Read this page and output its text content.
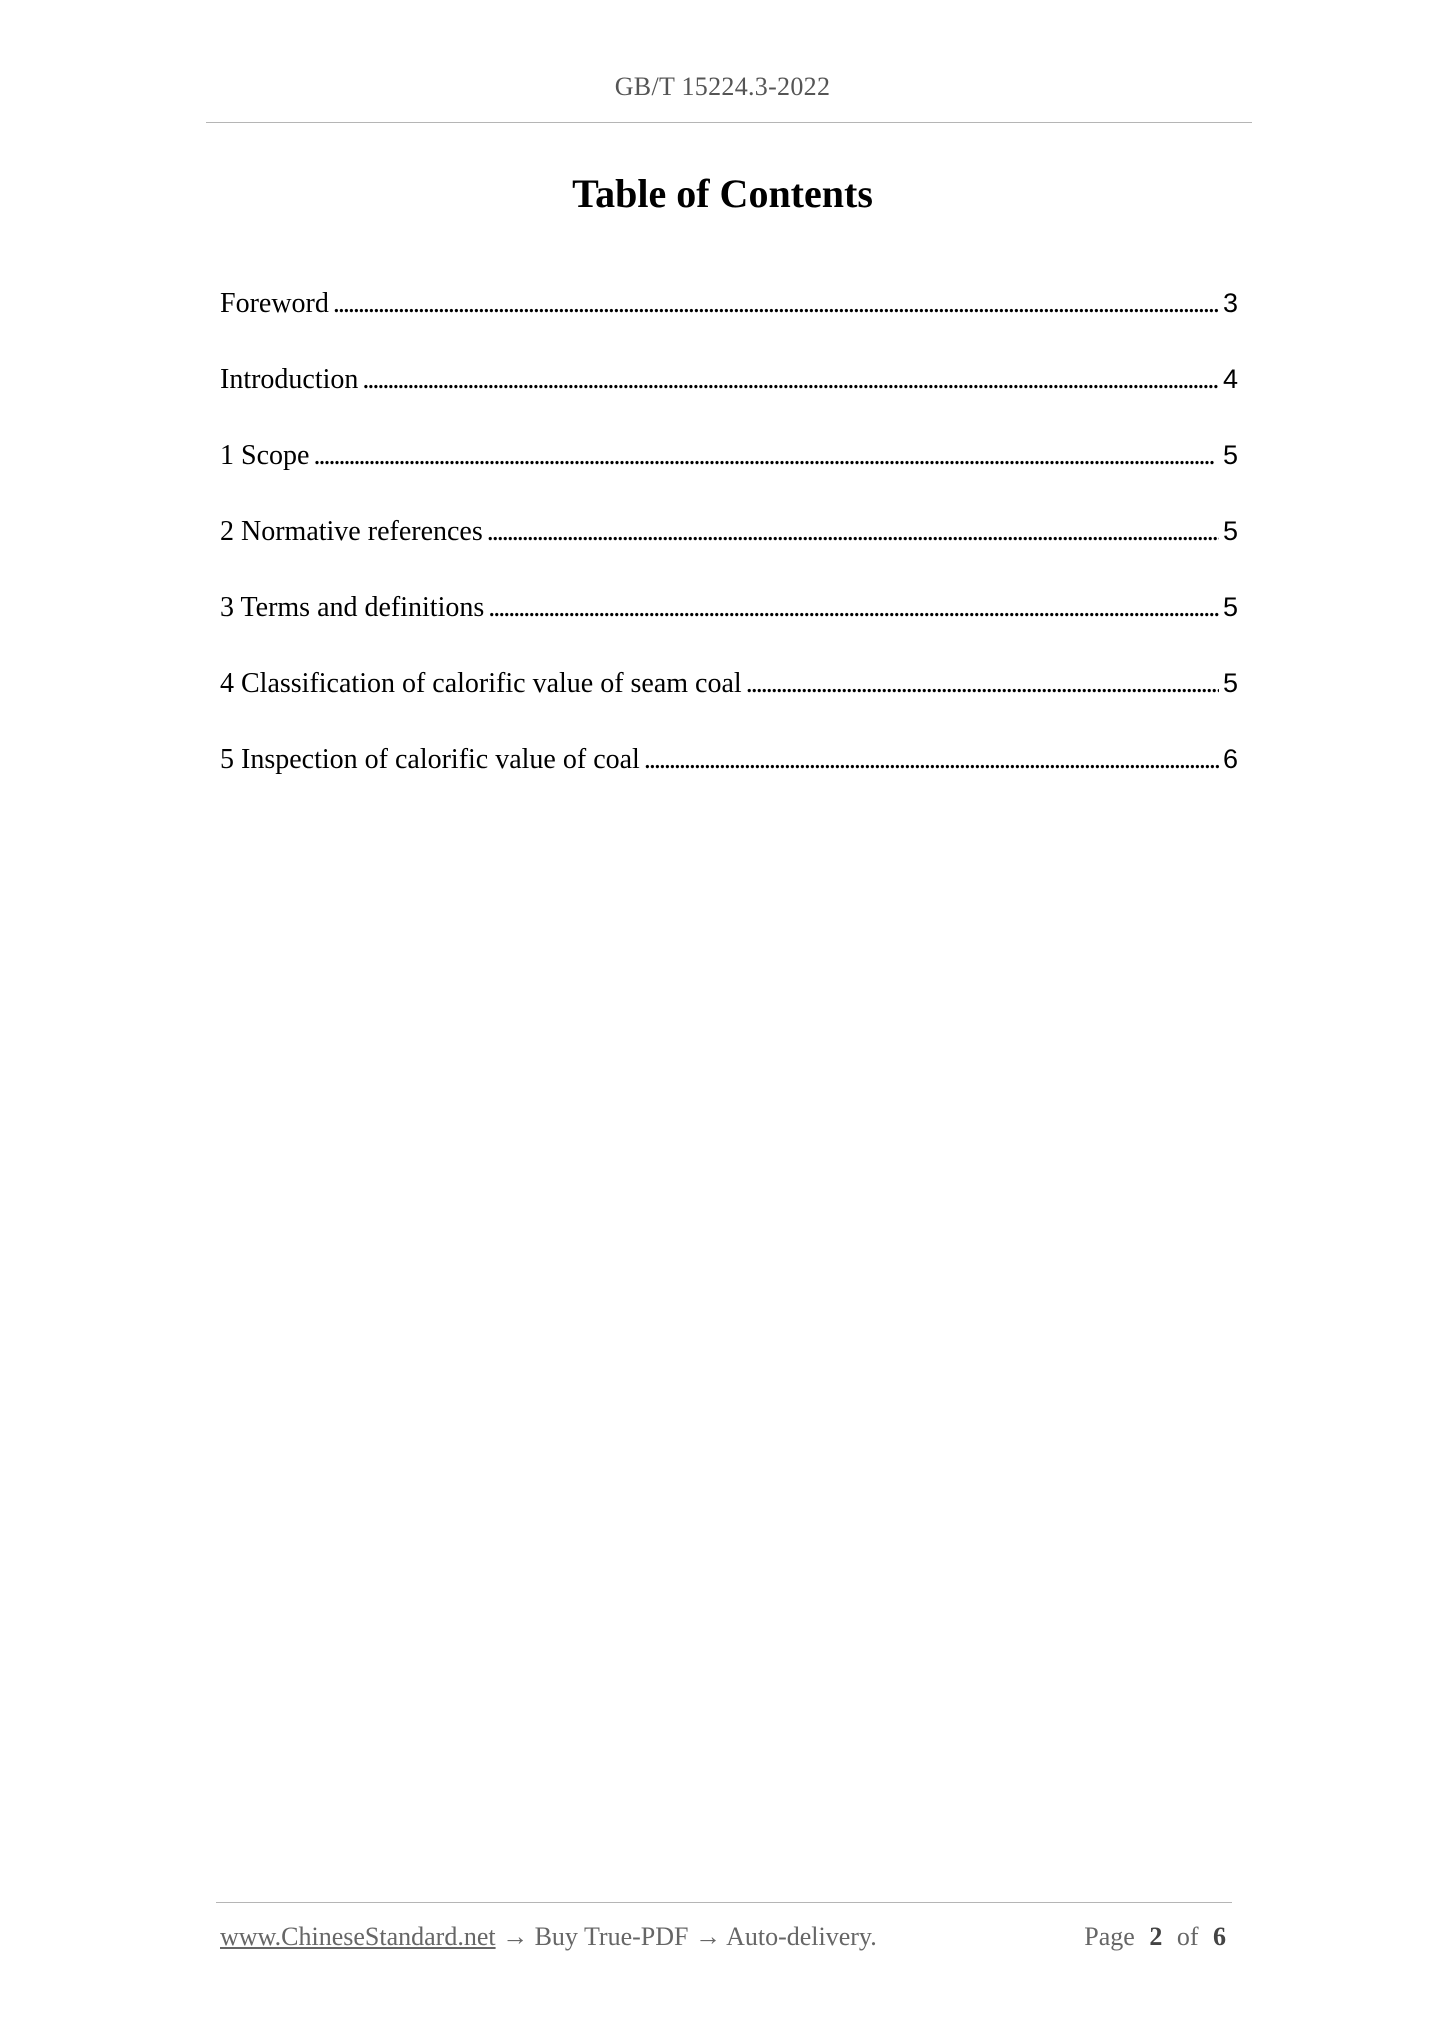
GB/T 15224.3-2022
Table of Contents
Foreword . . .	3
Introduction . . .	4
1 Scope . . .	5
2 Normative references . . .	5
3 Terms and definitions . . .	5
4 Classification of calorific value of seam coal . . .	5
5 Inspection of calorific value of coal . . .	6
www.ChineseStandard.net → Buy True-PDF → Auto-delivery.	Page 2 of 6
